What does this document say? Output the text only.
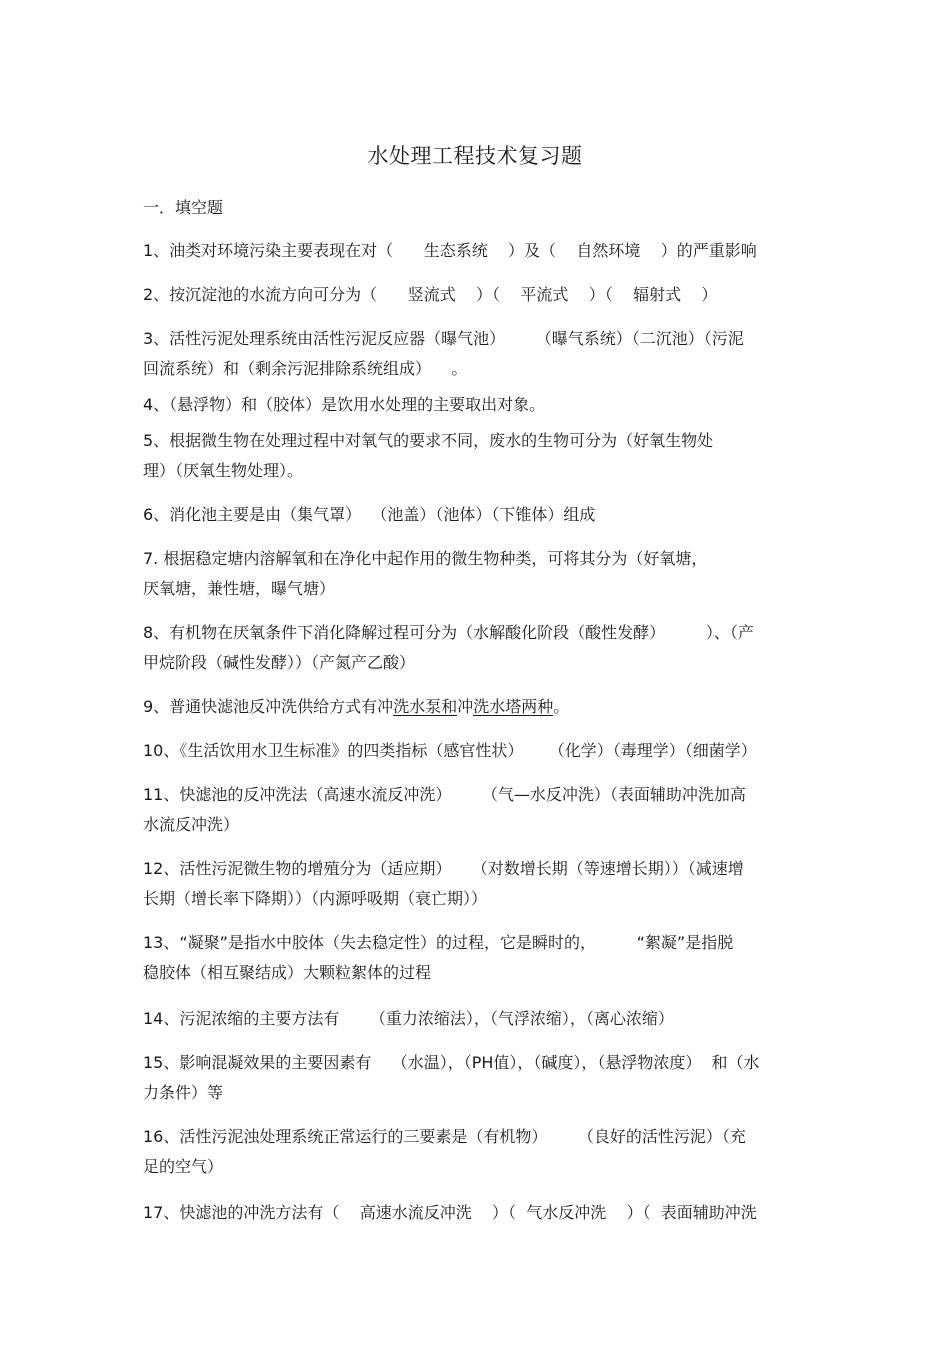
水处理工程技术复习题
一．填空题
1、油类对环境污染主要表现在对（      生态系统    ）及（    自然环境    ）的严重影响
2、按沉淀池的水流方向可分为（      竖流式    ）（    平流式    ）（    辐射式    ）
3、活性污泥处理系统由活性污泥反应器（曝气池）      （曝气系统）（二沉池）（污泥
回流系统）和（剩余污泥排除系统组成）    。
4、（悬浮物）和（胶体）是饮用水处理的主要取出对象。
5、根据微生物在处理过程中对氧气的要求不同，废水的生物可分为（好氧生物处
理）（厌氧生物处理）。
6、消化池主要是由（集气罩）  （池盖）（池体）（下锥体）组成
7. 根据稳定塘内溶解氧和在净化中起作用的微生物种类，可将其分为（好氧塘，
厌氧塘，兼性塘，曝气塘）
8、有机物在厌氧条件下消化降解过程可分为（水解酸化阶段（酸性发酵）        ）、（产
甲烷阶段（碱性发酵））（产氮产乙酸）
9、普通快滤池反冲洗供给方式有冲洗水泵和冲洗水塔两种。
10、《生活饮用水卫生标准》的四类指标（感官性状）     （化学）（毒理学）（细菌学）
11、快滤池的反冲洗法（高速水流反冲洗）      （气—水反冲洗）（表面辅助冲洗加高
水流反冲洗）
12、活性污泥微生物的增殖分为（适应期）    （对数增长期（等速增长期））（减速增
长期（增长率下降期））（内源呼吸期（衰亡期））
13、“凝聚”是指水中胶体（失去稳定性）的过程，它是瞬时的，        “絮凝”是指脱
稳胶体（相互聚结成）大颗粒絮体的过程
14、污泥浓缩的主要方法有      （重力浓缩法），（气浮浓缩），（离心浓缩）
15、影响混凝效果的主要因素有    （水温），（PH值），（碱度），（悬浮物浓度）  和（水
力条件）等
16、活性污泥浊处理系统正常运行的三要素是（有机物）      （良好的活性污泥）（充
足的空气）
17、快滤池的冲洗方法有（    高速水流反冲洗    ）（  气水反冲洗    ）（  表面辅助冲洗
